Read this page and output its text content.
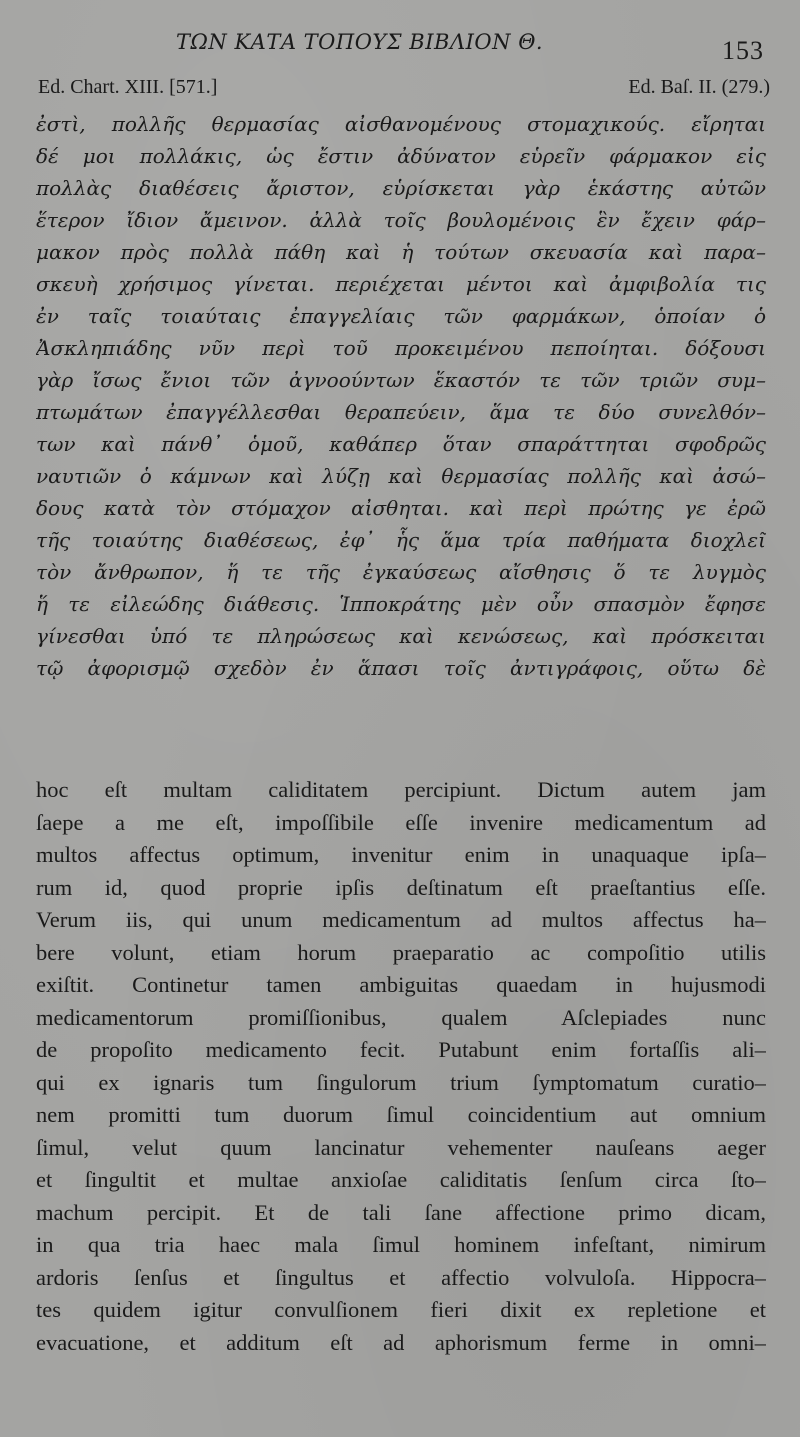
ΤΩΝ ΚΑΤΑ ΤΟΠΟΥΣ ΒΙΒΛΙΟΝ Θ.	153
Ed. Chart. XIII. [571.]	Ed. Baſ. II. (279.)
ἐστὶ, πολλῆς θερμασίας αἰσθανομένους στομαχικούς. εἴρηται
δέ μοι πολλάκις, ὡς ἔστιν ἀδύνατον εὑρεῖν φάρμακον εἰς
πολλὰς διαθέσεις ἄριστον, εὑρίσκεται γὰρ ἑκάστης αὐτῶν
ἕτερον ἴδιον ἄμεινον. ἀλλὰ τοῖς βουλομένοις ἓν ἔχειν φάρ–
μακον πρὸς πολλὰ πάθη καὶ ἡ τούτων σκευασία καὶ παρα–
σκευὴ χρήσιμος γίνεται. περιέχεται μέντοι καὶ ἀμφιβολία τις
ἐν ταῖς τοιαύταις ἐπαγγελίαις τῶν φαρμάκων, ὁποίαν ὁ
Ἀσκληπιάδης νῦν περὶ τοῦ προκειμένου πεποίηται. δόξουσι
γὰρ ἴσως ἔνιοι τῶν ἀγνοούντων ἕκαστόν τε τῶν τριῶν συμ–
πτωμάτων ἐπαγγέλλεσθαι θεραπεύειν, ἅμα τε δύο συνελθόν–
των καὶ πάνθ᾽ ὁμοῦ, καθάπερ ὅταν σπαράττηται σφοδρῶς
ναυτιῶν ὁ κάμνων καὶ λύζῃ καὶ θερμασίας πολλῆς καὶ ἀσώ–
δους κατὰ τὸν στόμαχον αἰσθηται. καὶ περὶ πρώτης γε ἐρῶ
τῆς τοιαύτης διαθέσεως, ἐφ᾽ ἧς ἅμα τρία παθήματα διοχλεῖ
τὸν ἄνθρωπον, ἥ τε τῆς ἐγκαύσεως αἴσθησις ὅ τε λυγμὸς
ἥ τε εἰλεώδης διάθεσις. Ἱπποκράτης μὲν οὖν σπασμὸν ἔφησε
γίνεσθαι ὑπό τε πληρώσεως καὶ κενώσεως, καὶ πρόσκειται
τῷ ἀφορισμῷ σχεδὸν ἐν ἅπασι τοῖς ἀντιγράφοις, οὕτω δὲ
hoc eſt multam caliditatem percipiunt. Dictum autem jam
ſaepe a me eſt, impoſſibile eſſe invenire medicamentum ad
multos affectus optimum, invenitur enim in unaquaque ipſa–
rum id, quod proprie ipſis deſtinatum eſt praeſtantius eſſe.
Verum iis, qui unum medicamentum ad multos affectus ha–
bere volunt, etiam horum praeparatio ac compoſitio utilis
exiſtit. Continetur tamen ambiguitas quaedam in hujusmodi
medicamentorum promiſſionibus, qualem Aſclepiades nunc
de propoſito medicamento fecit. Putabunt enim fortaſſis ali–
qui ex ignaris tum ſingulorum trium ſymptomatum curatio–
nem promitti tum duorum ſimul coincidentium aut omnium
ſimul, velut quum lancinatur vehementer nauſeans aeger
et ſingultit et multae anxioſae caliditatis ſenſum circa ſto–
machum percipit. Et de tali ſane affectione primo dicam,
in qua tria haec mala ſimul hominem infeſtant, nimirum
ardoris ſenſus et ſingultus et affectio volvuloſa. Hippocra–
tes quidem igitur convulſionem fieri dixit ex repletione et
evacuatione, et additum eſt ad aphorismum ferme in omni–
